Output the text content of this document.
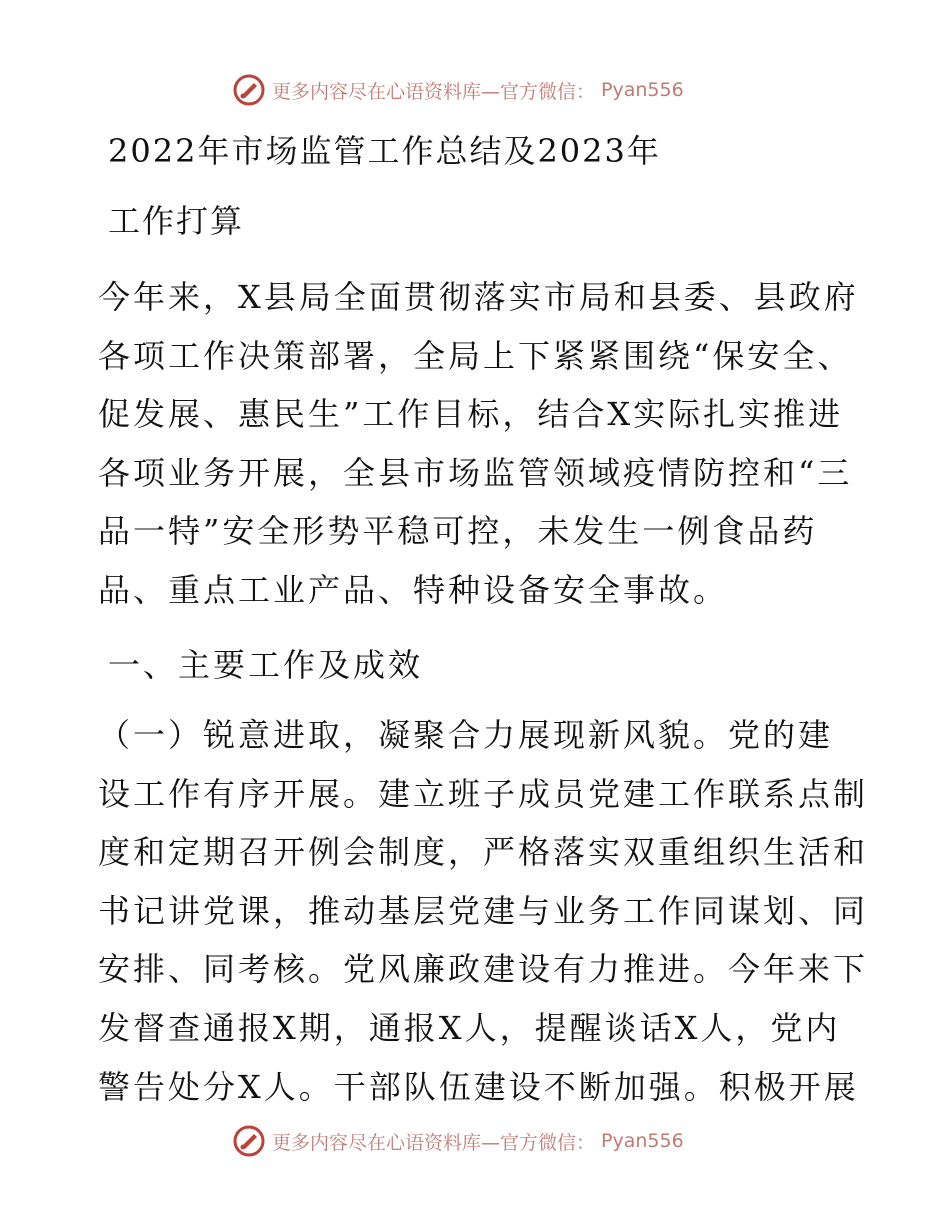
更多内容尽在心语资料库—官方微信： Pyan556
2022年市场监管工作总结及2023年
工作打算
今年来，X县局全面贯彻落实市局和县委、县政府
各项工作决策部署，全局上下紧紧围绕“保安全、
促发展、惠民生”工作目标，结合X实际扎实推进
各项业务开展，全县市场监管领域疫情防控和“三
品一特”安全形势平稳可控，未发生一例食品药
品、重点工业产品、特种设备安全事故。
一、主要工作及成效
（一）锐意进取，凝聚合力展现新风貌。党的建
设工作有序开展。建立班子成员党建工作联系点制
度和定期召开例会制度，严格落实双重组织生活和
书记讲党课，推动基层党建与业务工作同谋划、同
安排、同考核。党风廉政建设有力推进。今年来下
发督查通报X期，通报X人，提醒谈话X人，党内
警告处分X人。干部队伍建设不断加强。积极开展
更多内容尽在心语资料库—官方微信： Pyan556
